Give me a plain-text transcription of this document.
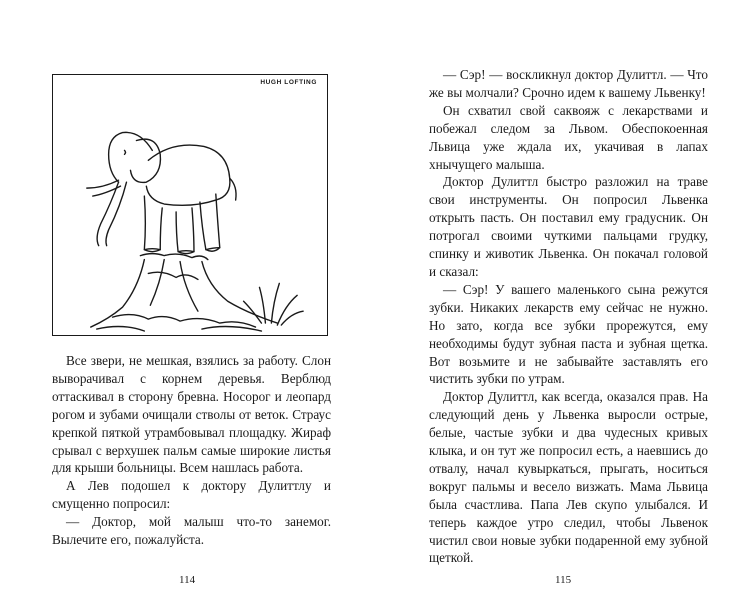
HUGH LOFTING

Все звери, не мешкая, взялись за работу. Слон выворачивал с корнем деревья. Верблюд оттаскивал в сторону бревна. Носорог и леопард рогом и зубами очищали стволы от веток. Страус крепкой пяткой утрамбовывал площадку. Жираф срывал с верхушек пальм самые широкие листья для крыши больницы. Всем нашлась работа.

А Лев подошел к доктору Дулиттлу и смущенно попросил:

— Доктор, мой малыш что-то занемог. Вылечите его, пожалуйста.

114

— Сэр! — воскликнул доктор Дулиттл. — Что же вы молчали? Срочно идем к вашему Львенку!

Он схватил свой саквояж с лекарствами и побежал следом за Львом. Обеспокоенная Львица уже ждала их, укачивая в лапах хнычущего малыша.

Доктор Дулиттл быстро разложил на траве свои инструменты. Он попросил Львенка открыть пасть. Он поставил ему градусник. Он потрогал своими чуткими пальцами грудку, спинку и животик Львенка. Он покачал головой и сказал:

— Сэр! У вашего маленького сына режутся зубки. Никаких лекарств ему сейчас не нужно. Но зато, когда все зубки прорежутся, ему необходимы будут зубная паста и зубная щетка. Вот возьмите и не забывайте заставлять его чистить зубки по утрам.

Доктор Дулиттл, как всегда, оказался прав. На следующий день у Львенка выросли острые, белые, частые зубки и два чудесных кривых клыка, и он тут же попросил есть, а наевшись до отвалу, начал кувыркаться, прыгать, носиться вокруг пальмы и весело визжать. Мама Львица была счастлива. Папа Лев скупо улыбался. И теперь каждое утро следил, чтобы Львенок чистил свои новые зубки подаренной ему зубной щеткой.

115
